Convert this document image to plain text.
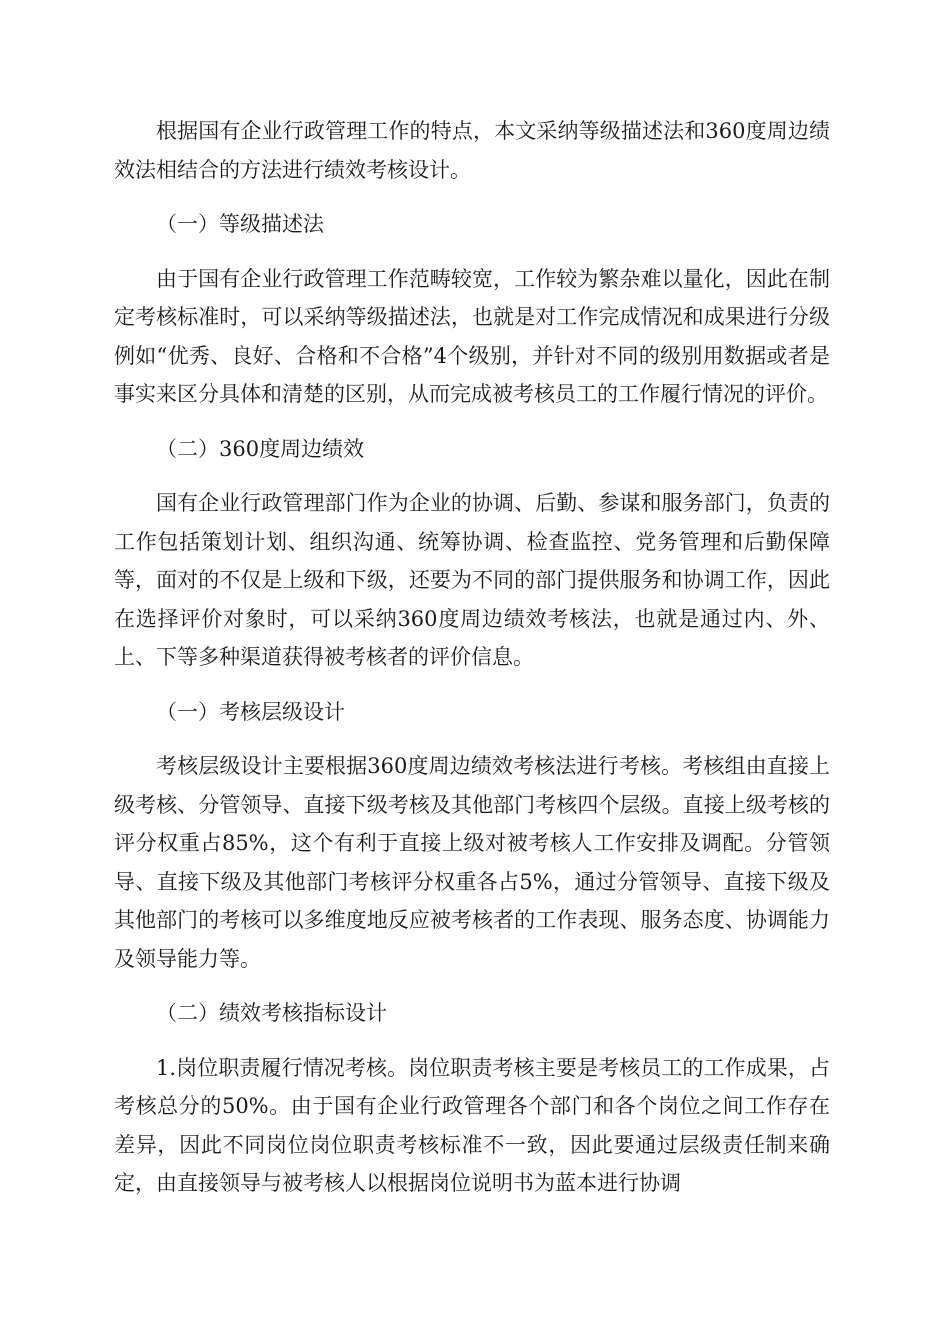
根据国有企业行政管理工作的特点，本文采纳等级描述法和360度周边绩效法相结合的方法进行绩效考核设计。

（一）等级描述法

由于国有企业行政管理工作范畴较宽，工作较为繁杂难以量化，因此在制定考核标准时，可以采纳等级描述法，也就是对工作完成情况和成果进行分级例如“优秀、良好、合格和不合格”4个级别，并针对不同的级别用数据或者是事实来区分具体和清楚的区别，从而完成被考核员工的工作履行情况的评价。

（二）360度周边绩效

国有企业行政管理部门作为企业的协调、后勤、参谋和服务部门，负责的工作包括策划计划、组织沟通、统筹协调、检查监控、党务管理和后勤保障等，面对的不仅是上级和下级，还要为不同的部门提供服务和协调工作，因此在选择评价对象时，可以采纳360度周边绩效考核法，也就是通过内、外、上、下等多种渠道获得被考核者的评价信息。

（一）考核层级设计

考核层级设计主要根据360度周边绩效考核法进行考核。考核组由直接上级考核、分管领导、直接下级考核及其他部门考核四个层级。直接上级考核的评分权重占85%，这个有利于直接上级对被考核人工作安排及调配。分管领导、直接下级及其他部门考核评分权重各占5%，通过分管领导、直接下级及其他部门的考核可以多维度地反应被考核者的工作表现、服务态度、协调能力及领导能力等。

（二）绩效考核指标设计

1.岗位职责履行情况考核。岗位职责考核主要是考核员工的工作成果，占考核总分的50%。由于国有企业行政管理各个部门和各个岗位之间工作存在差异，因此不同岗位岗位职责考核标准不一致，因此要通过层级责任制来确定，由直接领导与被考核人以根据岗位说明书为蓝本进行协调
